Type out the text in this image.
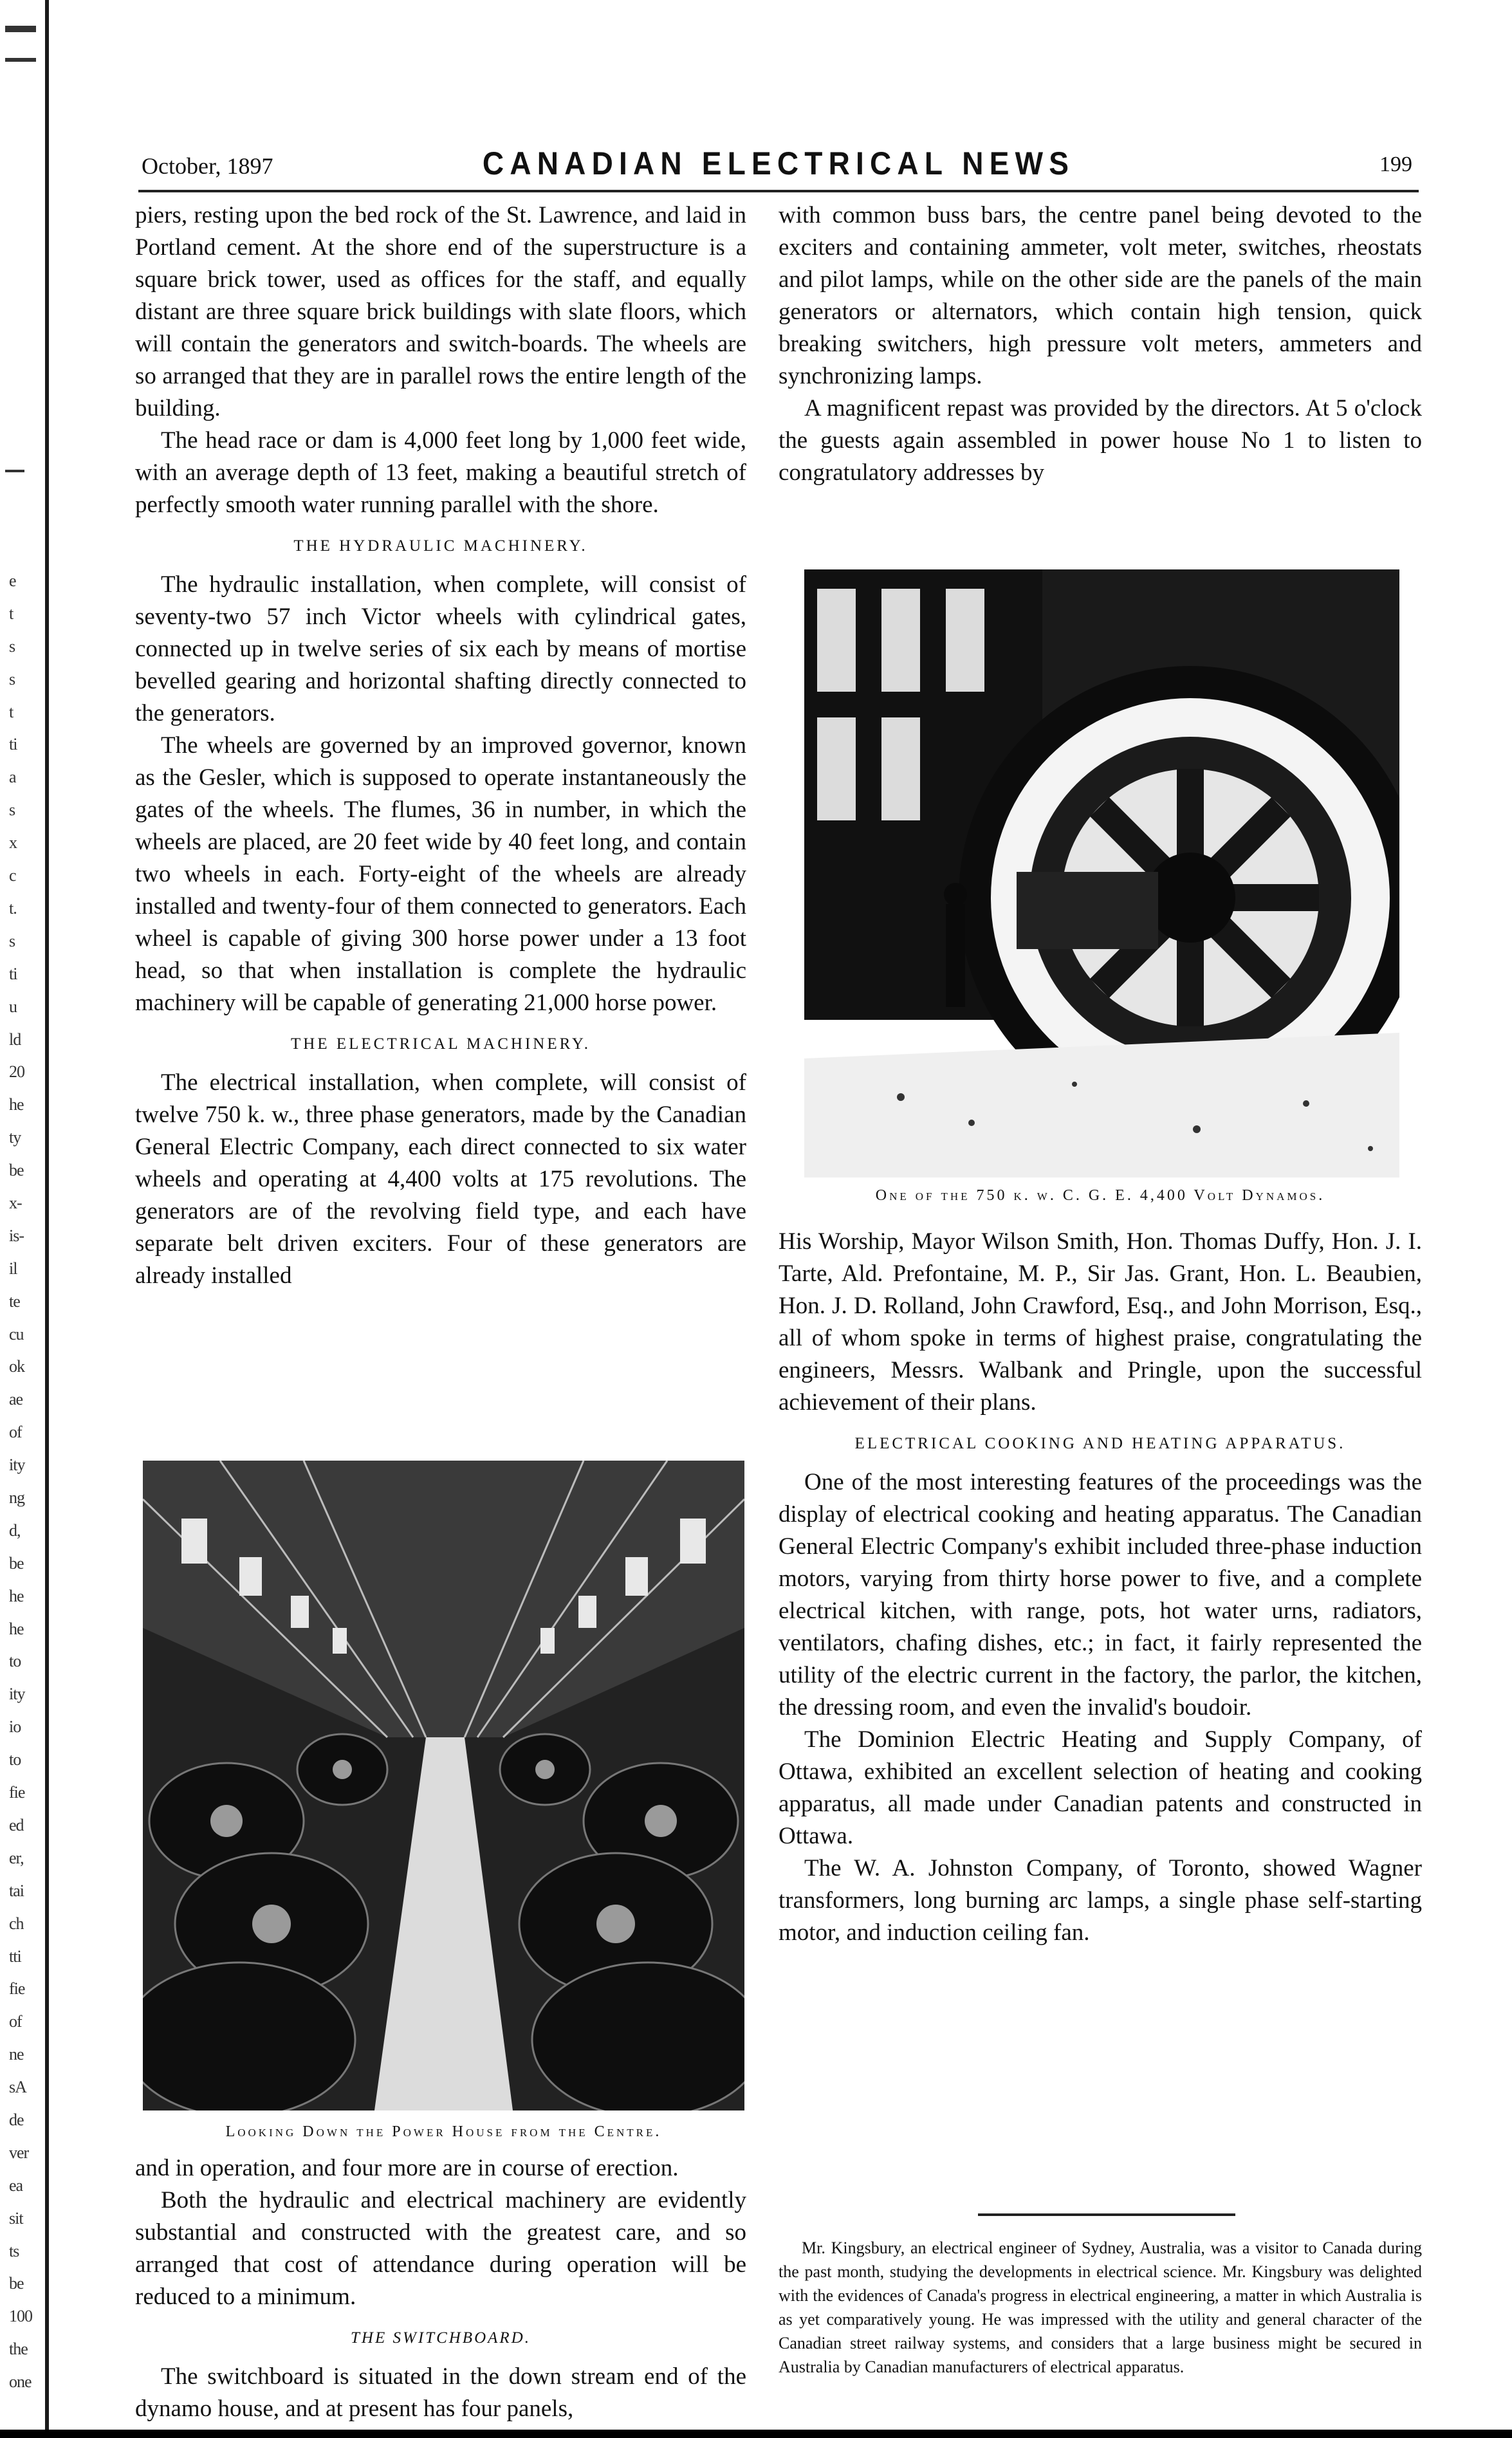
e
t
s
s
t
ti
a
s
x
c
t.
s
ti
u
ld
20
he
ty
be
x-
is-
il
te
cu
ok
ae
of
ity
ng
d,
be
he
he
to
ity
io
to
fie
ed
er,
tai
ch
tti
fie
of
ne
sA
de
ver
ea
sit
ts
be
100
the
one
October, 1897	CANADIAN ELECTRICAL NEWS	199

piers, resting upon the bed rock of the St. Lawrence, and laid in Portland cement. At the shore end of the superstructure is a square brick tower, used as offices for the staff, and equally distant are three square brick buildings with slate floors, which will contain the generators and switch-boards. The wheels are so arranged that they are in parallel rows the entire length of the building.

The head race or dam is 4,000 feet long by 1,000 feet wide, with an average depth of 13 feet, making a beautiful stretch of perfectly smooth water running parallel with the shore.

THE HYDRAULIC MACHINERY.

The hydraulic installation, when complete, will consist of seventy-two 57 inch Victor wheels with cylindrical gates, connected up in twelve series of six each by means of mortise bevelled gearing and horizontal shafting directly connected to the generators.

The wheels are governed by an improved governor, known as the Gesler, which is supposed to operate instantaneously the gates of the wheels. The flumes, 36 in number, in which the wheels are placed, are 20 feet wide by 40 feet long, and contain two wheels in each. Forty-eight of the wheels are already installed and twenty-four of them connected to generators. Each wheel is capable of giving 300 horse power under a 13 foot head, so that when installation is complete the hydraulic machinery will be capable of generating 21,000 horse power.

THE ELECTRICAL MACHINERY.

The electrical installation, when complete, will consist of twelve 750 k. w., three phase generators, made by the Canadian General Electric Company, each direct connected to six water wheels and operating at 4,400 volts at 175 revolutions. The generators are of the revolving field type, and each have separate belt driven exciters. Four of these generators are already installed

Looking Down the Power House from the Centre.

and in operation, and four more are in course of erection.

Both the hydraulic and electrical machinery are evidently substantial and constructed with the greatest care, and so arranged that cost of attendance during operation will be reduced to a minimum.

THE SWITCHBOARD.

The switchboard is situated in the down stream end of the dynamo house, and at present has four panels,

with common buss bars, the centre panel being devoted to the exciters and containing ammeter, volt meter, switches, rheostats and pilot lamps, while on the other side are the panels of the main generators or alternators, which contain high tension, quick breaking switchers, high pressure volt meters, ammeters and synchronizing lamps.

A magnificent repast was provided by the directors. At 5 o'clock the guests again assembled in power house No 1 to listen to congratulatory addresses by

One of the 750 k. w. C. G. E. 4,400 Volt Dynamos.

His Worship, Mayor Wilson Smith, Hon. Thomas Duffy, Hon. J. I. Tarte, Ald. Prefontaine, M. P., Sir Jas. Grant, Hon. L. Beaubien, Hon. J. D. Rolland, John Crawford, Esq., and John Morrison, Esq., all of whom spoke in terms of highest praise, congratulating the engineers, Messrs. Walbank and Pringle, upon the successful achievement of their plans.

ELECTRICAL COOKING AND HEATING APPARATUS.

One of the most interesting features of the proceedings was the display of electrical cooking and heating apparatus. The Canadian General Electric Company's exhibit included three-phase induction motors, varying from thirty horse power to five, and a complete electrical kitchen, with range, pots, hot water urns, radiators, ventilators, chafing dishes, etc.; in fact, it fairly represented the utility of the electric current in the factory, the parlor, the kitchen, the dressing room, and even the invalid's boudoir.

The Dominion Electric Heating and Supply Company, of Ottawa, exhibited an excellent selection of heating and cooking apparatus, all made under Canadian patents and constructed in Ottawa.

The W. A. Johnston Company, of Toronto, showed Wagner transformers, long burning arc lamps, a single phase self-starting motor, and induction ceiling fan.

Mr. Kingsbury, an electrical engineer of Sydney, Australia, was a visitor to Canada during the past month, studying the developments in electrical science. Mr. Kingsbury was delighted with the evidences of Canada's progress in electrical engineering, a matter in which Australia is as yet comparatively young. He was impressed with the utility and general character of the Canadian street railway systems, and considers that a large business might be secured in Australia by Canadian manufacturers of electrical apparatus.
